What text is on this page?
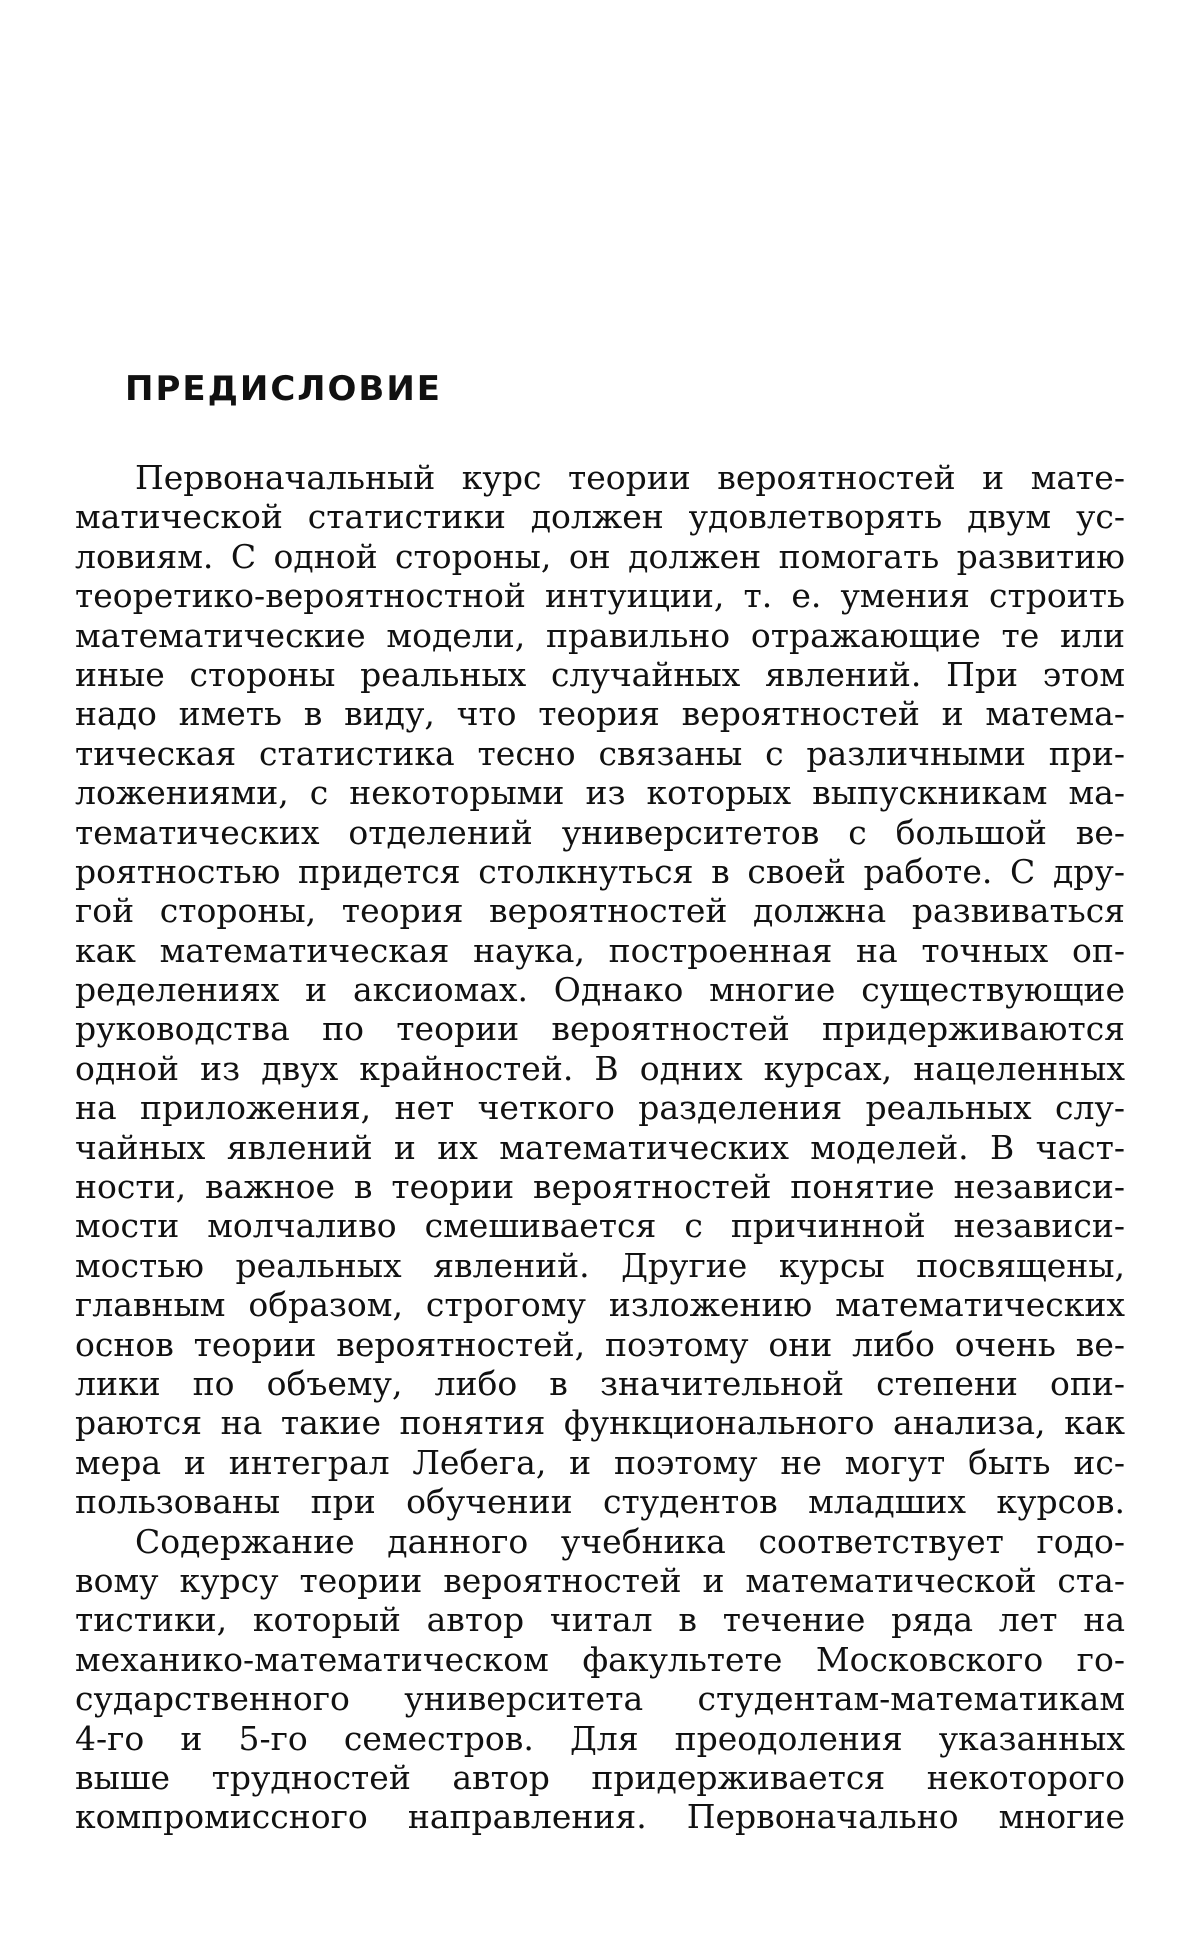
ПРЕДИСЛОВИЕ
Первоначальный курс теории вероятностей и мате-
матической статистики должен удовлетворять двум ус-
ловиям. С одной стороны, он должен помогать развитию
теоретико-вероятностной интуиции, т. е. умения строить
математические модели, правильно отражающие те или
иные стороны реальных случайных явлений. При этом
надо иметь в виду, что теория вероятностей и матема-
тическая статистика тесно связаны с различными при-
ложениями, с некоторыми из которых выпускникам ма-
тематических отделений университетов с большой ве-
роятностью придется столкнуться в своей работе. С дру-
гой стороны, теория вероятностей должна развиваться
как математическая наука, построенная на точных оп-
ределениях и аксиомах. Однако многие существующие
руководства по теории вероятностей придерживаются
одной из двух крайностей. В одних курсах, нацеленных
на приложения, нет четкого разделения реальных слу-
чайных явлений и их математических моделей. В част-
ности, важное в теории вероятностей понятие независи-
мости молчаливо смешивается с причинной независи-
мостью реальных явлений. Другие курсы посвящены,
главным образом, строгому изложению математических
основ теории вероятностей, поэтому они либо очень ве-
лики по объему, либо в значительной степени опи-
раются на такие понятия функционального анализа, как
мера и интеграл Лебега, и поэтому не могут быть ис-
пользованы при обучении студентов младших курсов.
Содержание данного учебника соответствует годо-
вому курсу теории вероятностей и математической ста-
тистики, который автор читал в течение ряда лет на
механико-математическом факультете Московского го-
сударственного университета студентам-математикам
4-го и 5-го семестров. Для преодоления указанных
выше трудностей автор придерживается некоторого
компромиссного направления. Первоначально многие
